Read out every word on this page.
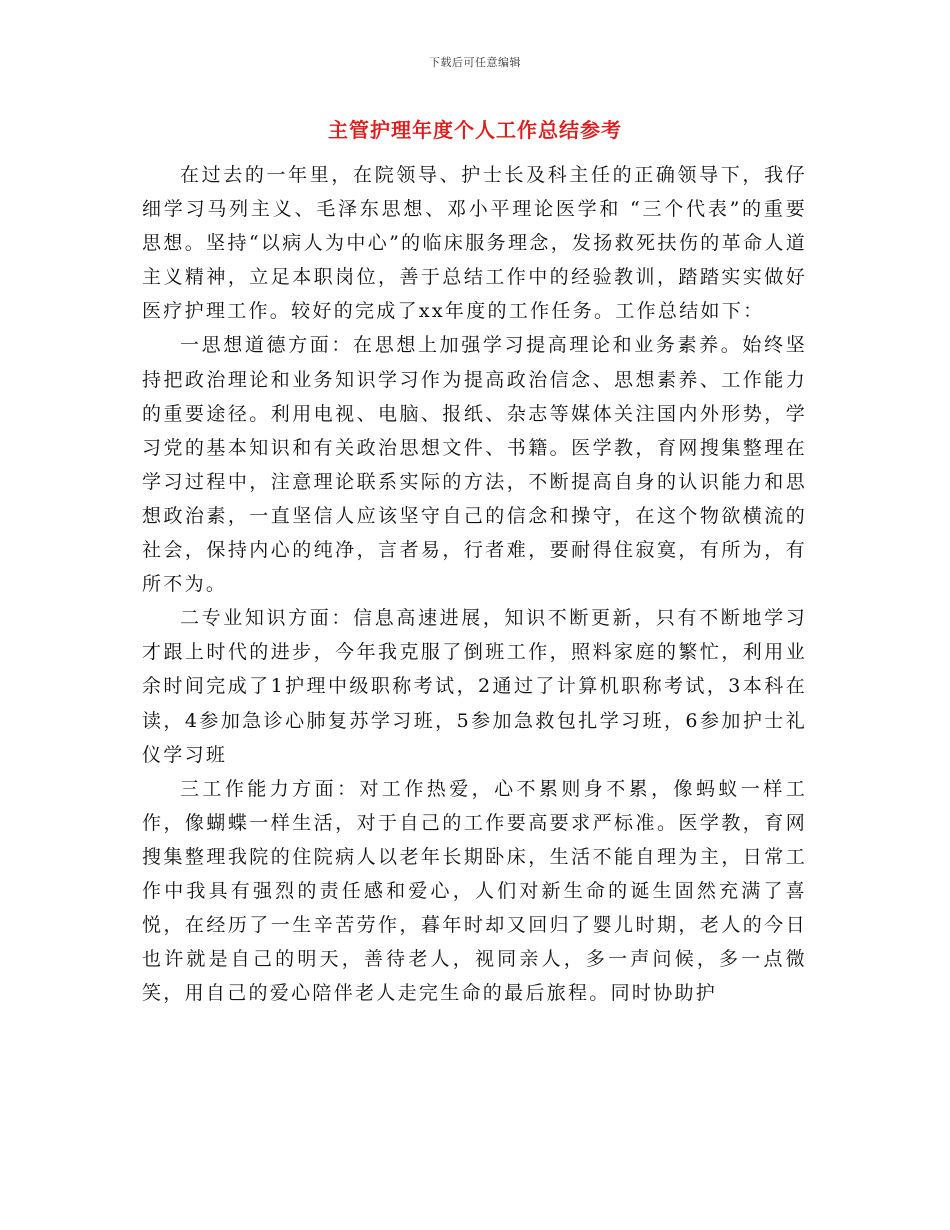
下载后可任意编辑
主管护理年度个人工作总结参考

在过去的一年里，在院领导、护士长及科主任的正确领导下，我仔细学习马列主义、毛泽东思想、邓小平理论医学和 “三个代表”的重要思想。坚持“以病人为中心”的临床服务理念，发扬救死扶伤的革命人道主义精神，立足本职岗位，善于总结工作中的经验教训，踏踏实实做好医疗护理工作。较好的完成了xx年度的工作任务。工作总结如下：

一思想道德方面：在思想上加强学习提高理论和业务素养。始终坚持把政治理论和业务知识学习作为提高政治信念、思想素养、工作能力的重要途径。利用电视、电脑、报纸、杂志等媒体关注国内外形势，学习党的基本知识和有关政治思想文件、书籍。医学教，育网搜集整理在学习过程中，注意理论联系实际的方法，不断提高自身的认识能力和思想政治素，一直坚信人应该坚守自己的信念和操守，在这个物欲横流的社会，保持内心的纯净，言者易，行者难，要耐得住寂寞，有所为，有所不为。

二专业知识方面：信息高速进展，知识不断更新，只有不断地学习才跟上时代的进步，今年我克服了倒班工作，照料家庭的繁忙，利用业余时间完成了1护理中级职称考试，2通过了计算机职称考试，3本科在读，4参加急诊心肺复苏学习班，5参加急救包扎学习班，6参加护士礼仪学习班

三工作能力方面：对工作热爱，心不累则身不累，像蚂蚁一样工作，像蝴蝶一样生活，对于自己的工作要高要求严标准。医学教，育网搜集整理我院的住院病人以老年长期卧床，生活不能自理为主，日常工作中我具有强烈的责任感和爱心，人们对新生命的诞生固然充满了喜悦，在经历了一生辛苦劳作，暮年时却又回归了婴儿时期，老人的今日也许就是自己的明天，善待老人，视同亲人，多一声问候，多一点微笑，用自己的爱心陪伴老人走完生命的最后旅程。同时协助护
